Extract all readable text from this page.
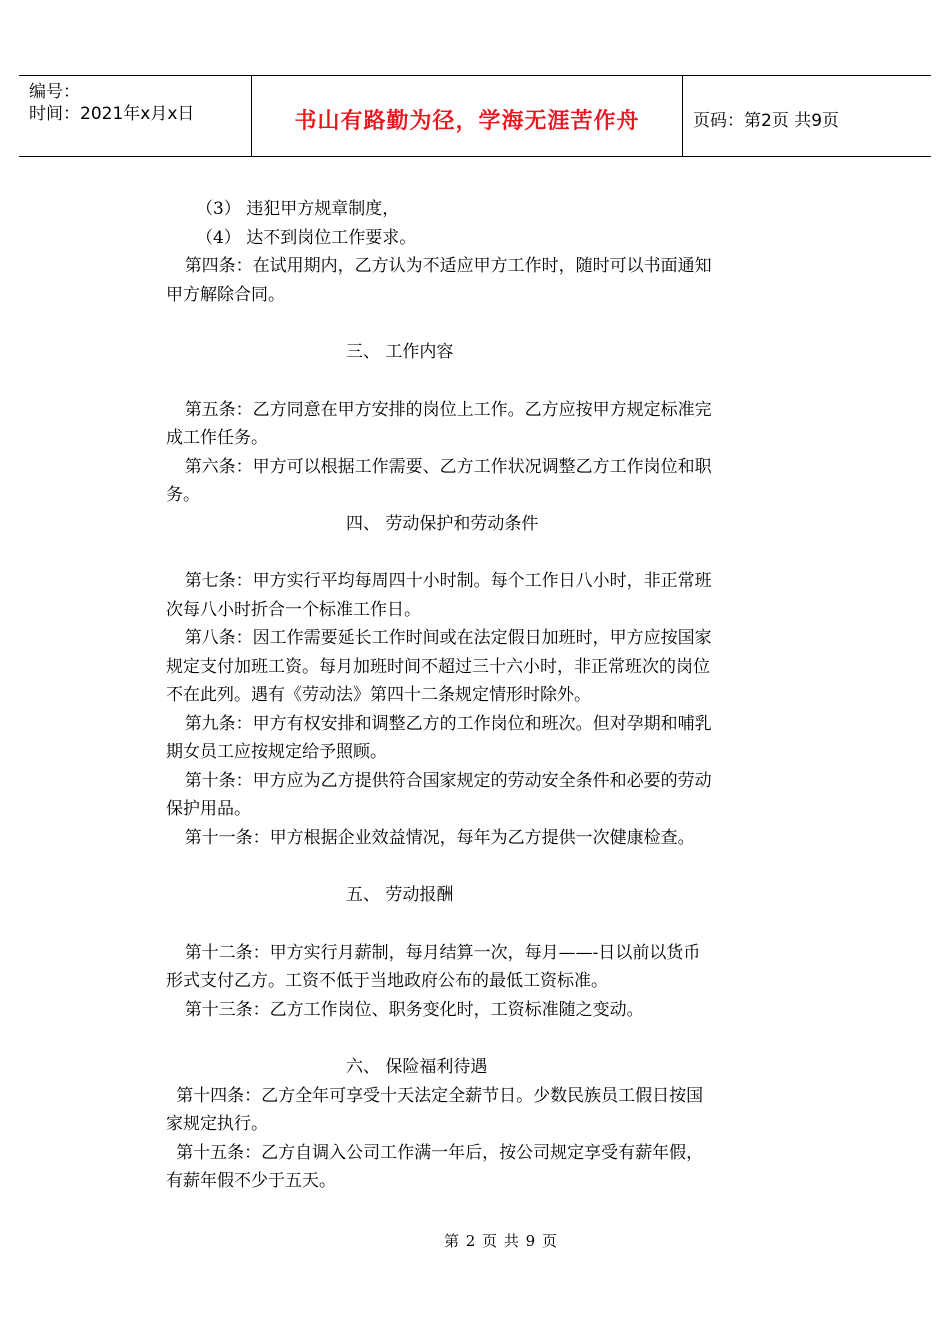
编号：
时间：2021年x月x日	书山有路勤为径，学海无涯苦作舟	页码：第2页 共9页

（3） 违犯甲方规章制度，

（4） 达不到岗位工作要求。

第四条：在试用期内，乙方认为不适应甲方工作时，随时可以书面通知

甲方解除合同。

三、 工作内容

第五条：乙方同意在甲方安排的岗位上工作。乙方应按甲方规定标准完

成工作任务。

第六条：甲方可以根据工作需要、乙方工作状况调整乙方工作岗位和职

务。

四、 劳动保护和劳动条件

第七条：甲方实行平均每周四十小时制。每个工作日八小时，非正常班

次每八小时折合一个标准工作日。

第八条：因工作需要延长工作时间或在法定假日加班时，甲方应按国家

规定支付加班工资。每月加班时间不超过三十六小时，非正常班次的岗位

不在此列。遇有《劳动法》第四十二条规定情形时除外。

第九条：甲方有权安排和调整乙方的工作岗位和班次。但对孕期和哺乳

期女员工应按规定给予照顾。

第十条：甲方应为乙方提供符合国家规定的劳动安全条件和必要的劳动

保护用品。

第十一条：甲方根据企业效益情况，每年为乙方提供一次健康检查。

五、 劳动报酬

第十二条：甲方实行月薪制，每月结算一次，每月——-日以前以货币

形式支付乙方。工资不低于当地政府公布的最低工资标准。

第十三条：乙方工作岗位、职务变化时，工资标准随之变动。

六、 保险福利待遇

第十四条：乙方全年可享受十天法定全薪节日。少数民族员工假日按国

家规定执行。

第十五条：乙方自调入公司工作满一年后，按公司规定享受有薪年假，

有薪年假不少于五天。

第 2 页 共 9 页
